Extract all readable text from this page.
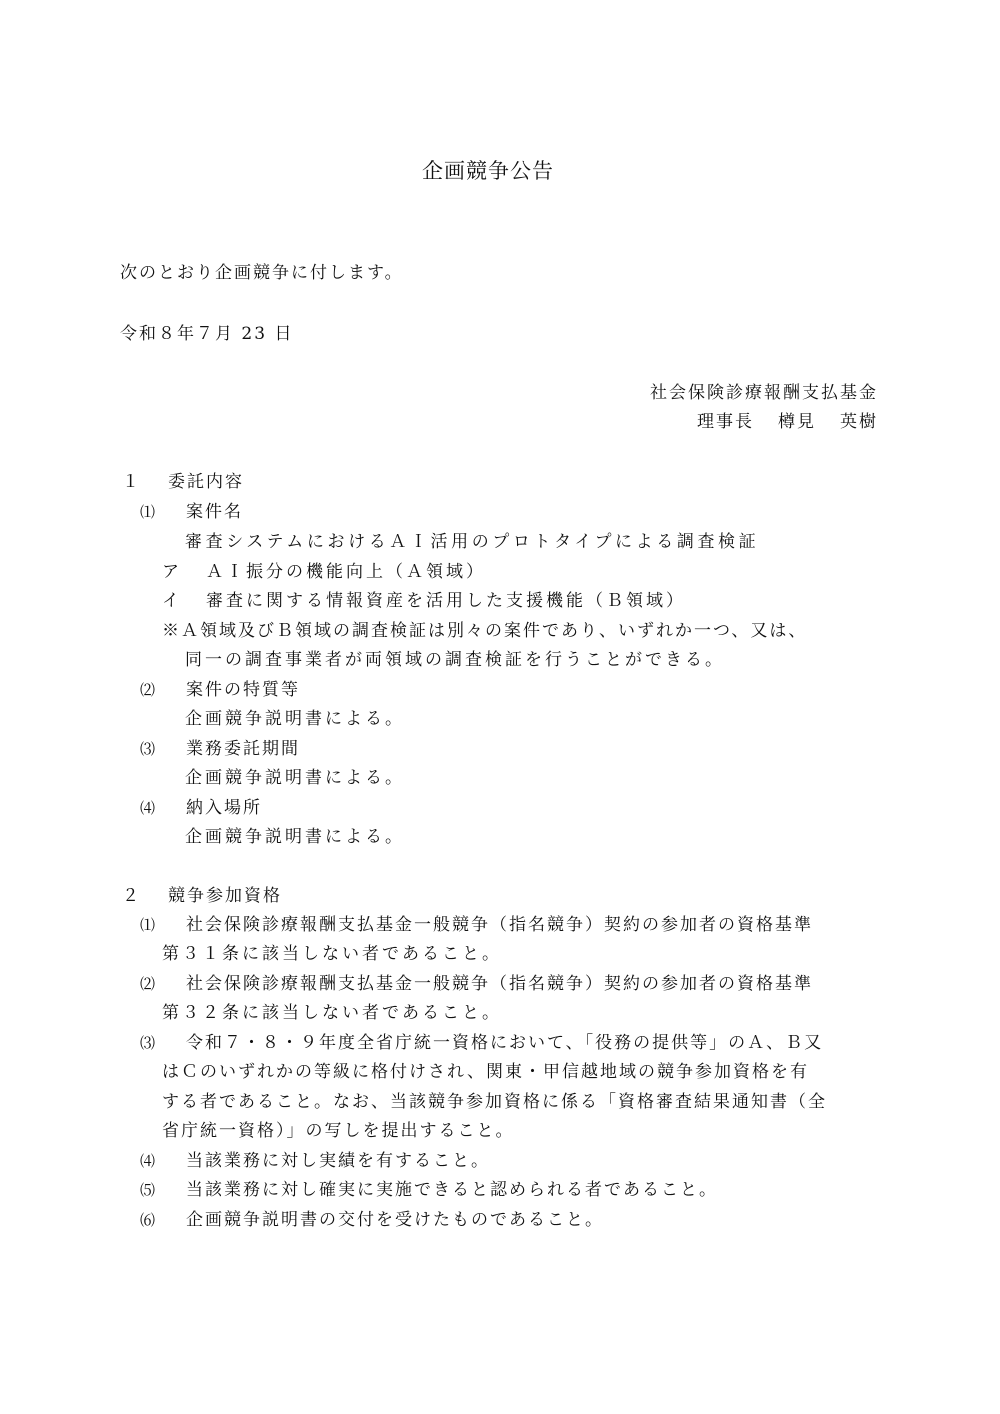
企画競争公告
次のとおり企画競争に付します。
令和８年７月 23 日
社会保険診療報酬支払基金
理事長 樽見 英樹
１ 委託内容
⑴ 案件名
審査システムにおけるＡＩ活用のプロトタイプによる調査検証
ア ＡＩ振分の機能向上（Ａ領域）
イ 審査に関する情報資産を活用した支援機能（Ｂ領域）
※Ａ領域及びＢ領域の調査検証は別々の案件であり、いずれか一つ、又は、
同一の調査事業者が両領域の調査検証を行うことができる。
⑵ 案件の特質等
企画競争説明書による。
⑶ 業務委託期間
企画競争説明書による。
⑷ 納入場所
企画競争説明書による。
２ 競争参加資格
⑴ 社会保険診療報酬支払基金一般競争（指名競争）契約の参加者の資格基準
第３１条に該当しない者であること。
⑵ 社会保険診療報酬支払基金一般競争（指名競争）契約の参加者の資格基準
第３２条に該当しない者であること。
⑶ 令和７・８・９年度全省庁統一資格において、「役務の提供等」のＡ、Ｂ又
はＣのいずれかの等級に格付けされ、関東・甲信越地域の競争参加資格を有
する者であること。なお、当該競争参加資格に係る「資格審査結果通知書（全
省庁統一資格）」の写しを提出すること。
⑷ 当該業務に対し実績を有すること。
⑸ 当該業務に対し確実に実施できると認められる者であること。
⑹ 企画競争説明書の交付を受けたものであること。
